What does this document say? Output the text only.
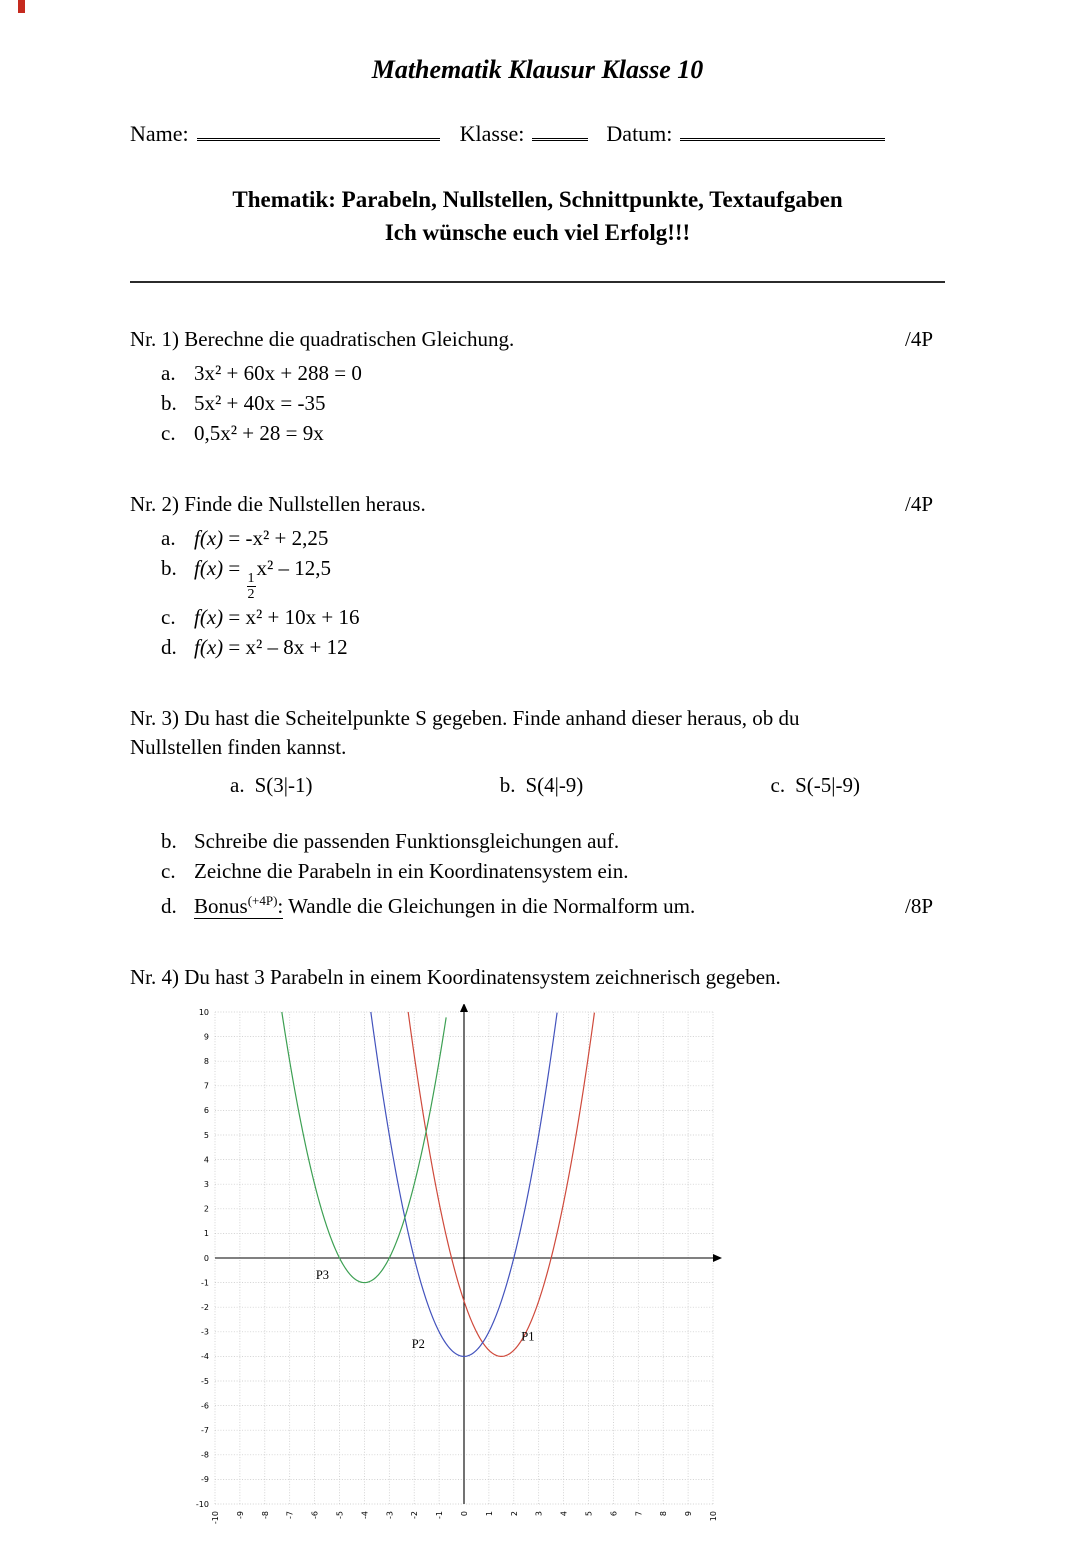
Mathematik Klausur Klasse 10
Name:	Klasse:	Datum:
Thematik: Parabeln, Nullstellen, Schnittpunkte, Textaufgaben
Ich wünsche euch viel Erfolg!!!
Nr. 1) Berechne die quadratischen Gleichung.	/4P
a. 3x² + 60x + 288 = 0
b. 5x² + 40x = -35
c. 0,5x² + 28 = 9x
Nr. 2) Finde die Nullstellen heraus.	/4P
a. f(x) = -x² + 2,25
b. f(x) =
$\frac{1}{2}$
x² – 12,5
c. f(x) = x² + 10x + 16
d. f(x) = x² – 8x + 12
Nr. 3) Du hast die Scheitelpunkte S gegeben. Finde anhand dieser heraus, ob du Nullstellen finden kannst.
a. S(3|-1)	b. S(4|-9)	c. S(-5|-9)
b. Schreibe die passenden Funktionsgleichungen auf.
c. Zeichne die Parabeln in ein Koordinatensystem ein.
d. Bonus$^{(+4P)}$: Wandle die Gleichungen in die Normalform um.	/8P
Nr. 4) Du hast 3 Parabeln in einem Koordinatensystem zeichnerisch gegeben.
-10
-9
-8
-7
-6
-5
-4
-3
-2
-1
0
1
2
3
4
5
6
7
8
9
10
-10 -9 -8 -7 -6 -5 -4 -3 -2 -1 0 1 2 3 4 5 6 7 8 9 10
P1
P2
P3
